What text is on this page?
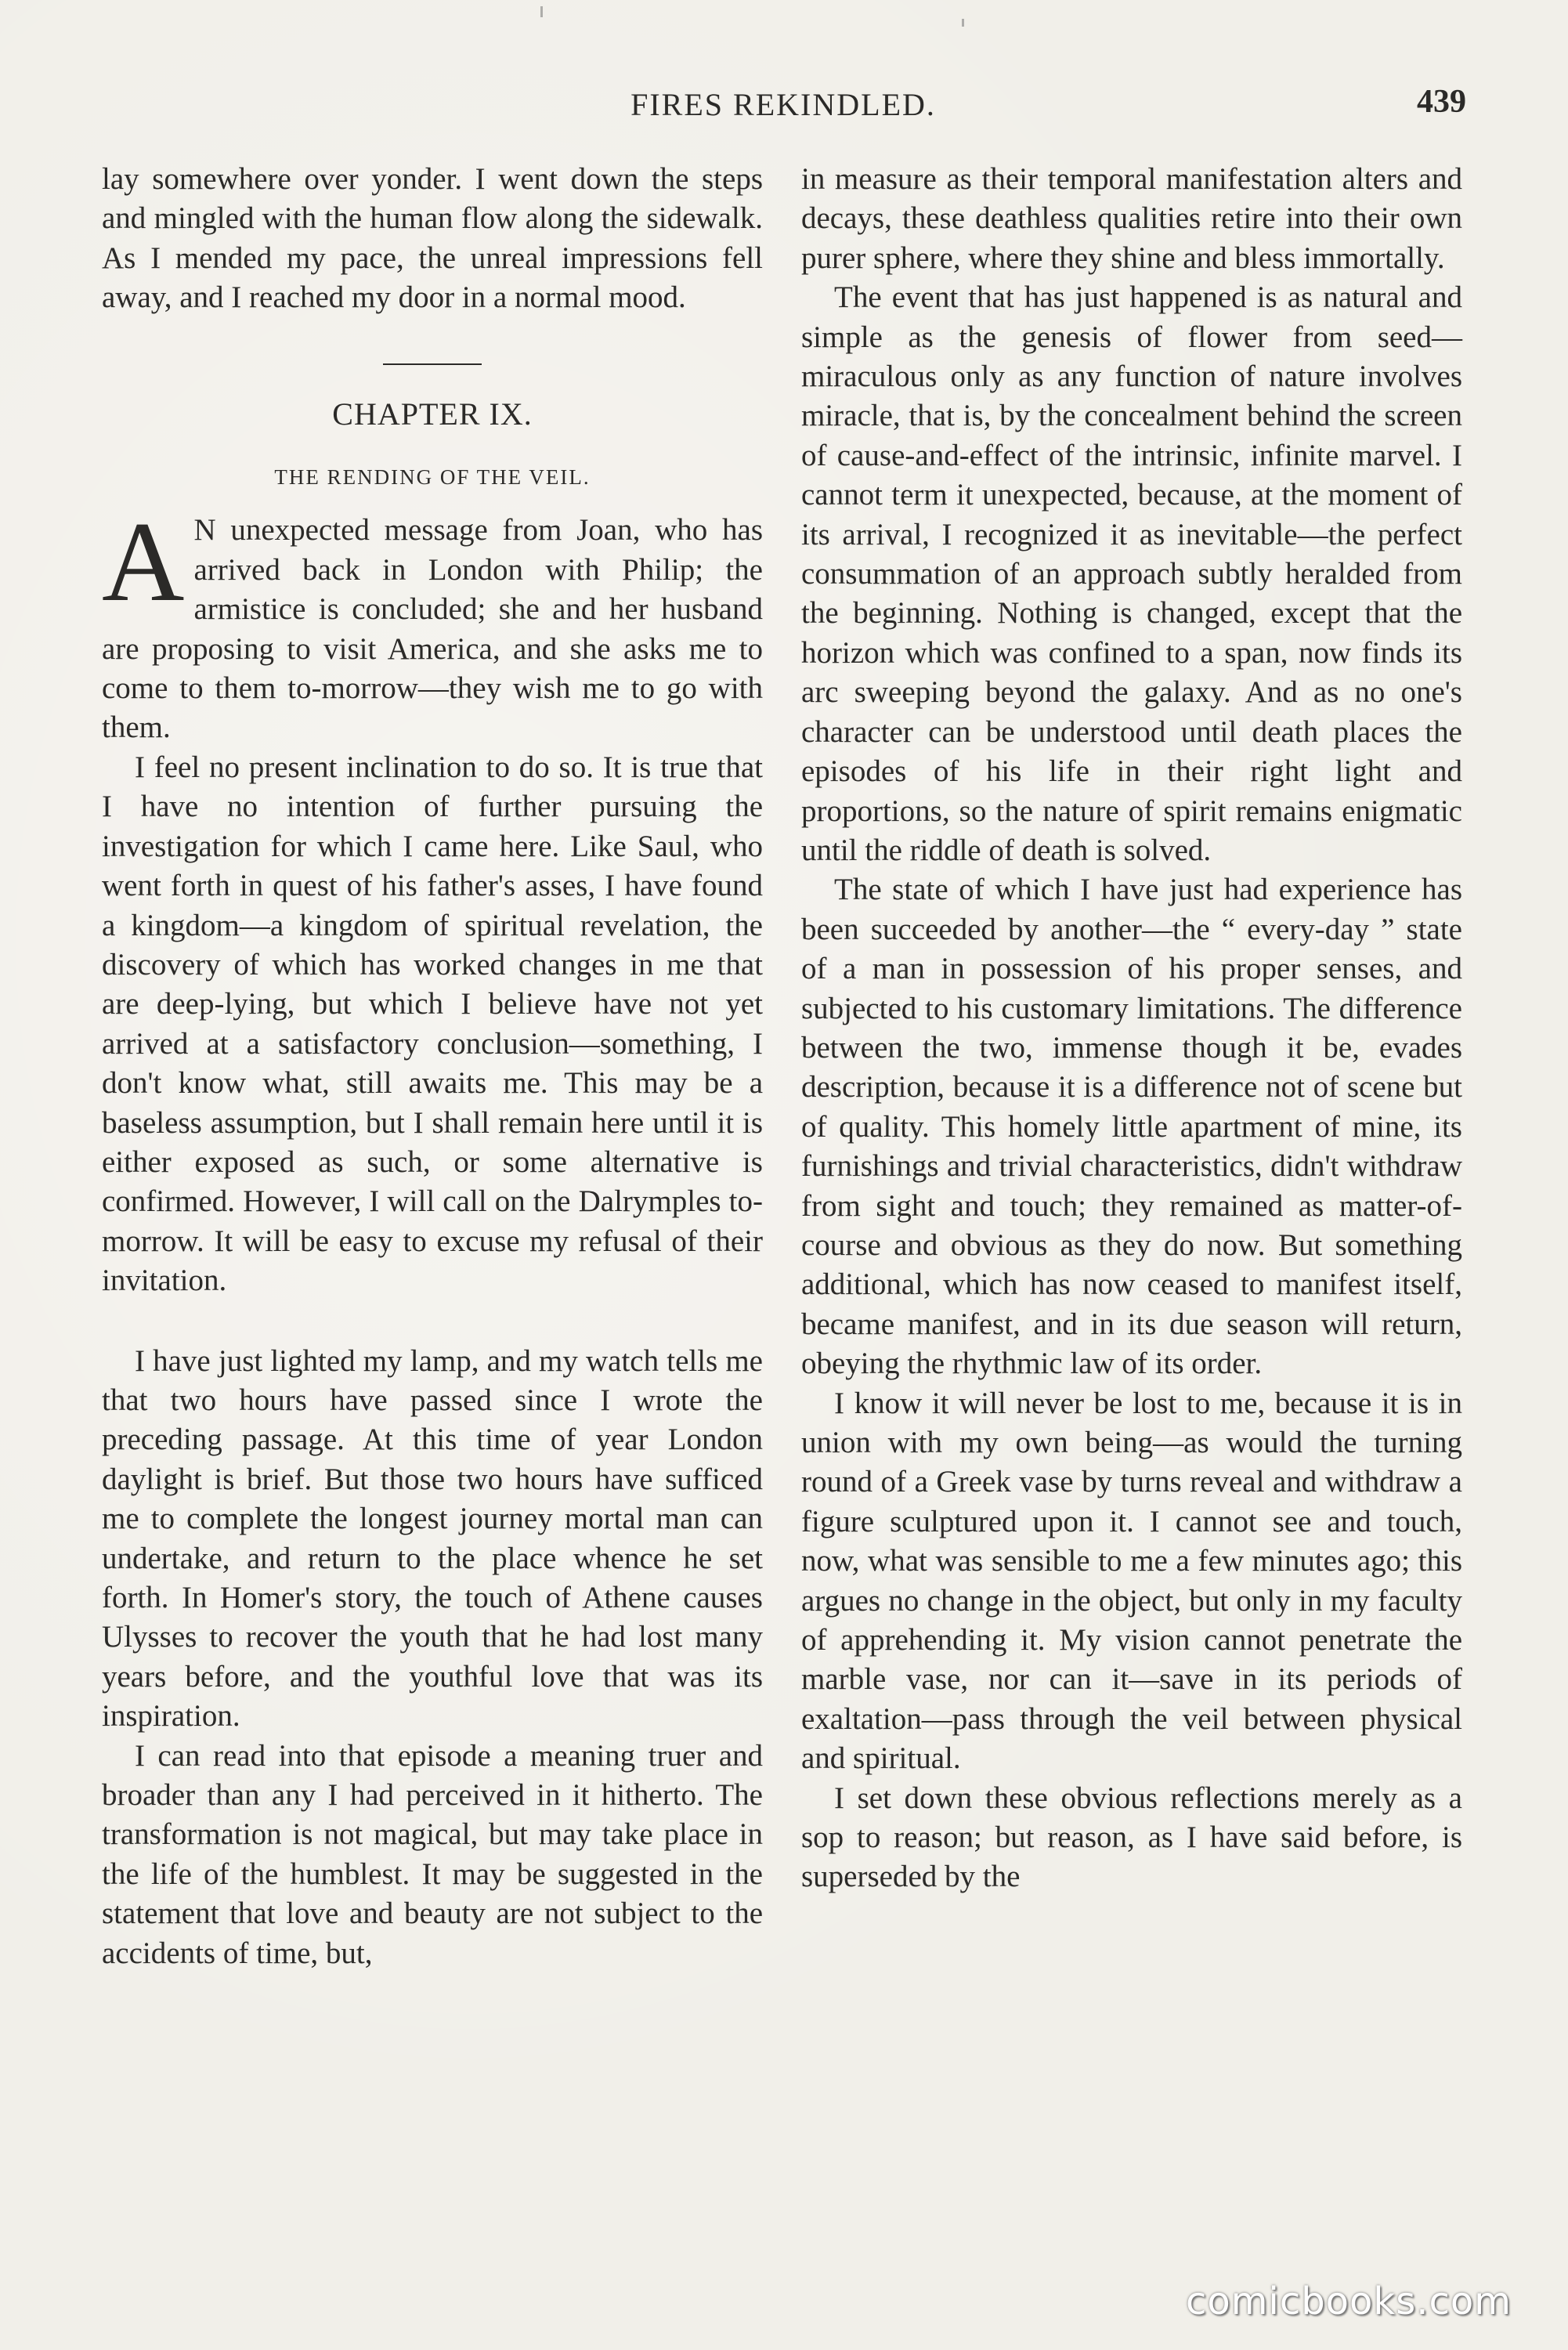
FIRES REKINDLED.	439

lay somewhere over yonder. I went down the steps and mingled with the human flow along the sidewalk. As I mended my pace, the unreal impressions fell away, and I reached my door in a normal mood.

CHAPTER IX.
THE RENDING OF THE VEIL.

A N unexpected message from Joan, who has arrived back in London with Philip; the armistice is concluded; she and her husband are proposing to visit America, and she asks me to come to them to-morrow—they wish me to go with them.

I feel no present inclination to do so. It is true that I have no intention of further pursuing the investigation for which I came here. Like Saul, who went forth in quest of his father's asses, I have found a kingdom—a kingdom of spiritual revelation, the discovery of which has worked changes in me that are deep-lying, but which I believe have not yet arrived at a satisfactory conclusion—something, I don't know what, still awaits me. This may be a baseless assumption, but I shall remain here until it is either exposed as such, or some alternative is confirmed. However, I will call on the Dalrymples to-morrow. It will be easy to excuse my refusal of their invitation.

I have just lighted my lamp, and my watch tells me that two hours have passed since I wrote the preceding passage. At this time of year London daylight is brief. But those two hours have sufficed me to complete the longest journey mortal man can undertake, and return to the place whence he set forth. In Homer's story, the touch of Athene causes Ulysses to recover the youth that he had lost many years before, and the youthful love that was its inspiration.

I can read into that episode a meaning truer and broader than any I had perceived in it hitherto. The transformation is not magical, but may take place in the life of the humblest. It may be suggested in the statement that love and beauty are not subject to the accidents of time, but,

in measure as their temporal manifestation alters and decays, these deathless qualities retire into their own purer sphere, where they shine and bless immortally.

The event that has just happened is as natural and simple as the genesis of flower from seed—miraculous only as any function of nature involves miracle, that is, by the concealment behind the screen of cause-and-effect of the intrinsic, infinite marvel. I cannot term it unexpected, because, at the moment of its arrival, I recognized it as inevitable—the perfect consummation of an approach subtly heralded from the beginning. Nothing is changed, except that the horizon which was confined to a span, now finds its arc sweeping beyond the galaxy. And as no one's character can be understood until death places the episodes of his life in their right light and proportions, so the nature of spirit remains enigmatic until the riddle of death is solved.

The state of which I have just had experience has been succeeded by another—the “ every-day ” state of a man in possession of his proper senses, and subjected to his customary limitations. The difference between the two, immense though it be, evades description, because it is a difference not of scene but of quality. This homely little apartment of mine, its furnishings and trivial characteristics, didn't withdraw from sight and touch; they remained as matter-of-course and obvious as they do now. But something additional, which has now ceased to manifest itself, became manifest, and in its due season will return, obeying the rhythmic law of its order.

I know it will never be lost to me, because it is in union with my own being—as would the turning round of a Greek vase by turns reveal and withdraw a figure sculptured upon it. I cannot see and touch, now, what was sensible to me a few minutes ago; this argues no change in the object, but only in my faculty of apprehending it. My vision cannot penetrate the marble vase, nor can it—save in its periods of exaltation—pass through the veil between physical and spiritual.

I set down these obvious reflections merely as a sop to reason; but reason, as I have said before, is superseded by the

comicbooks.com
